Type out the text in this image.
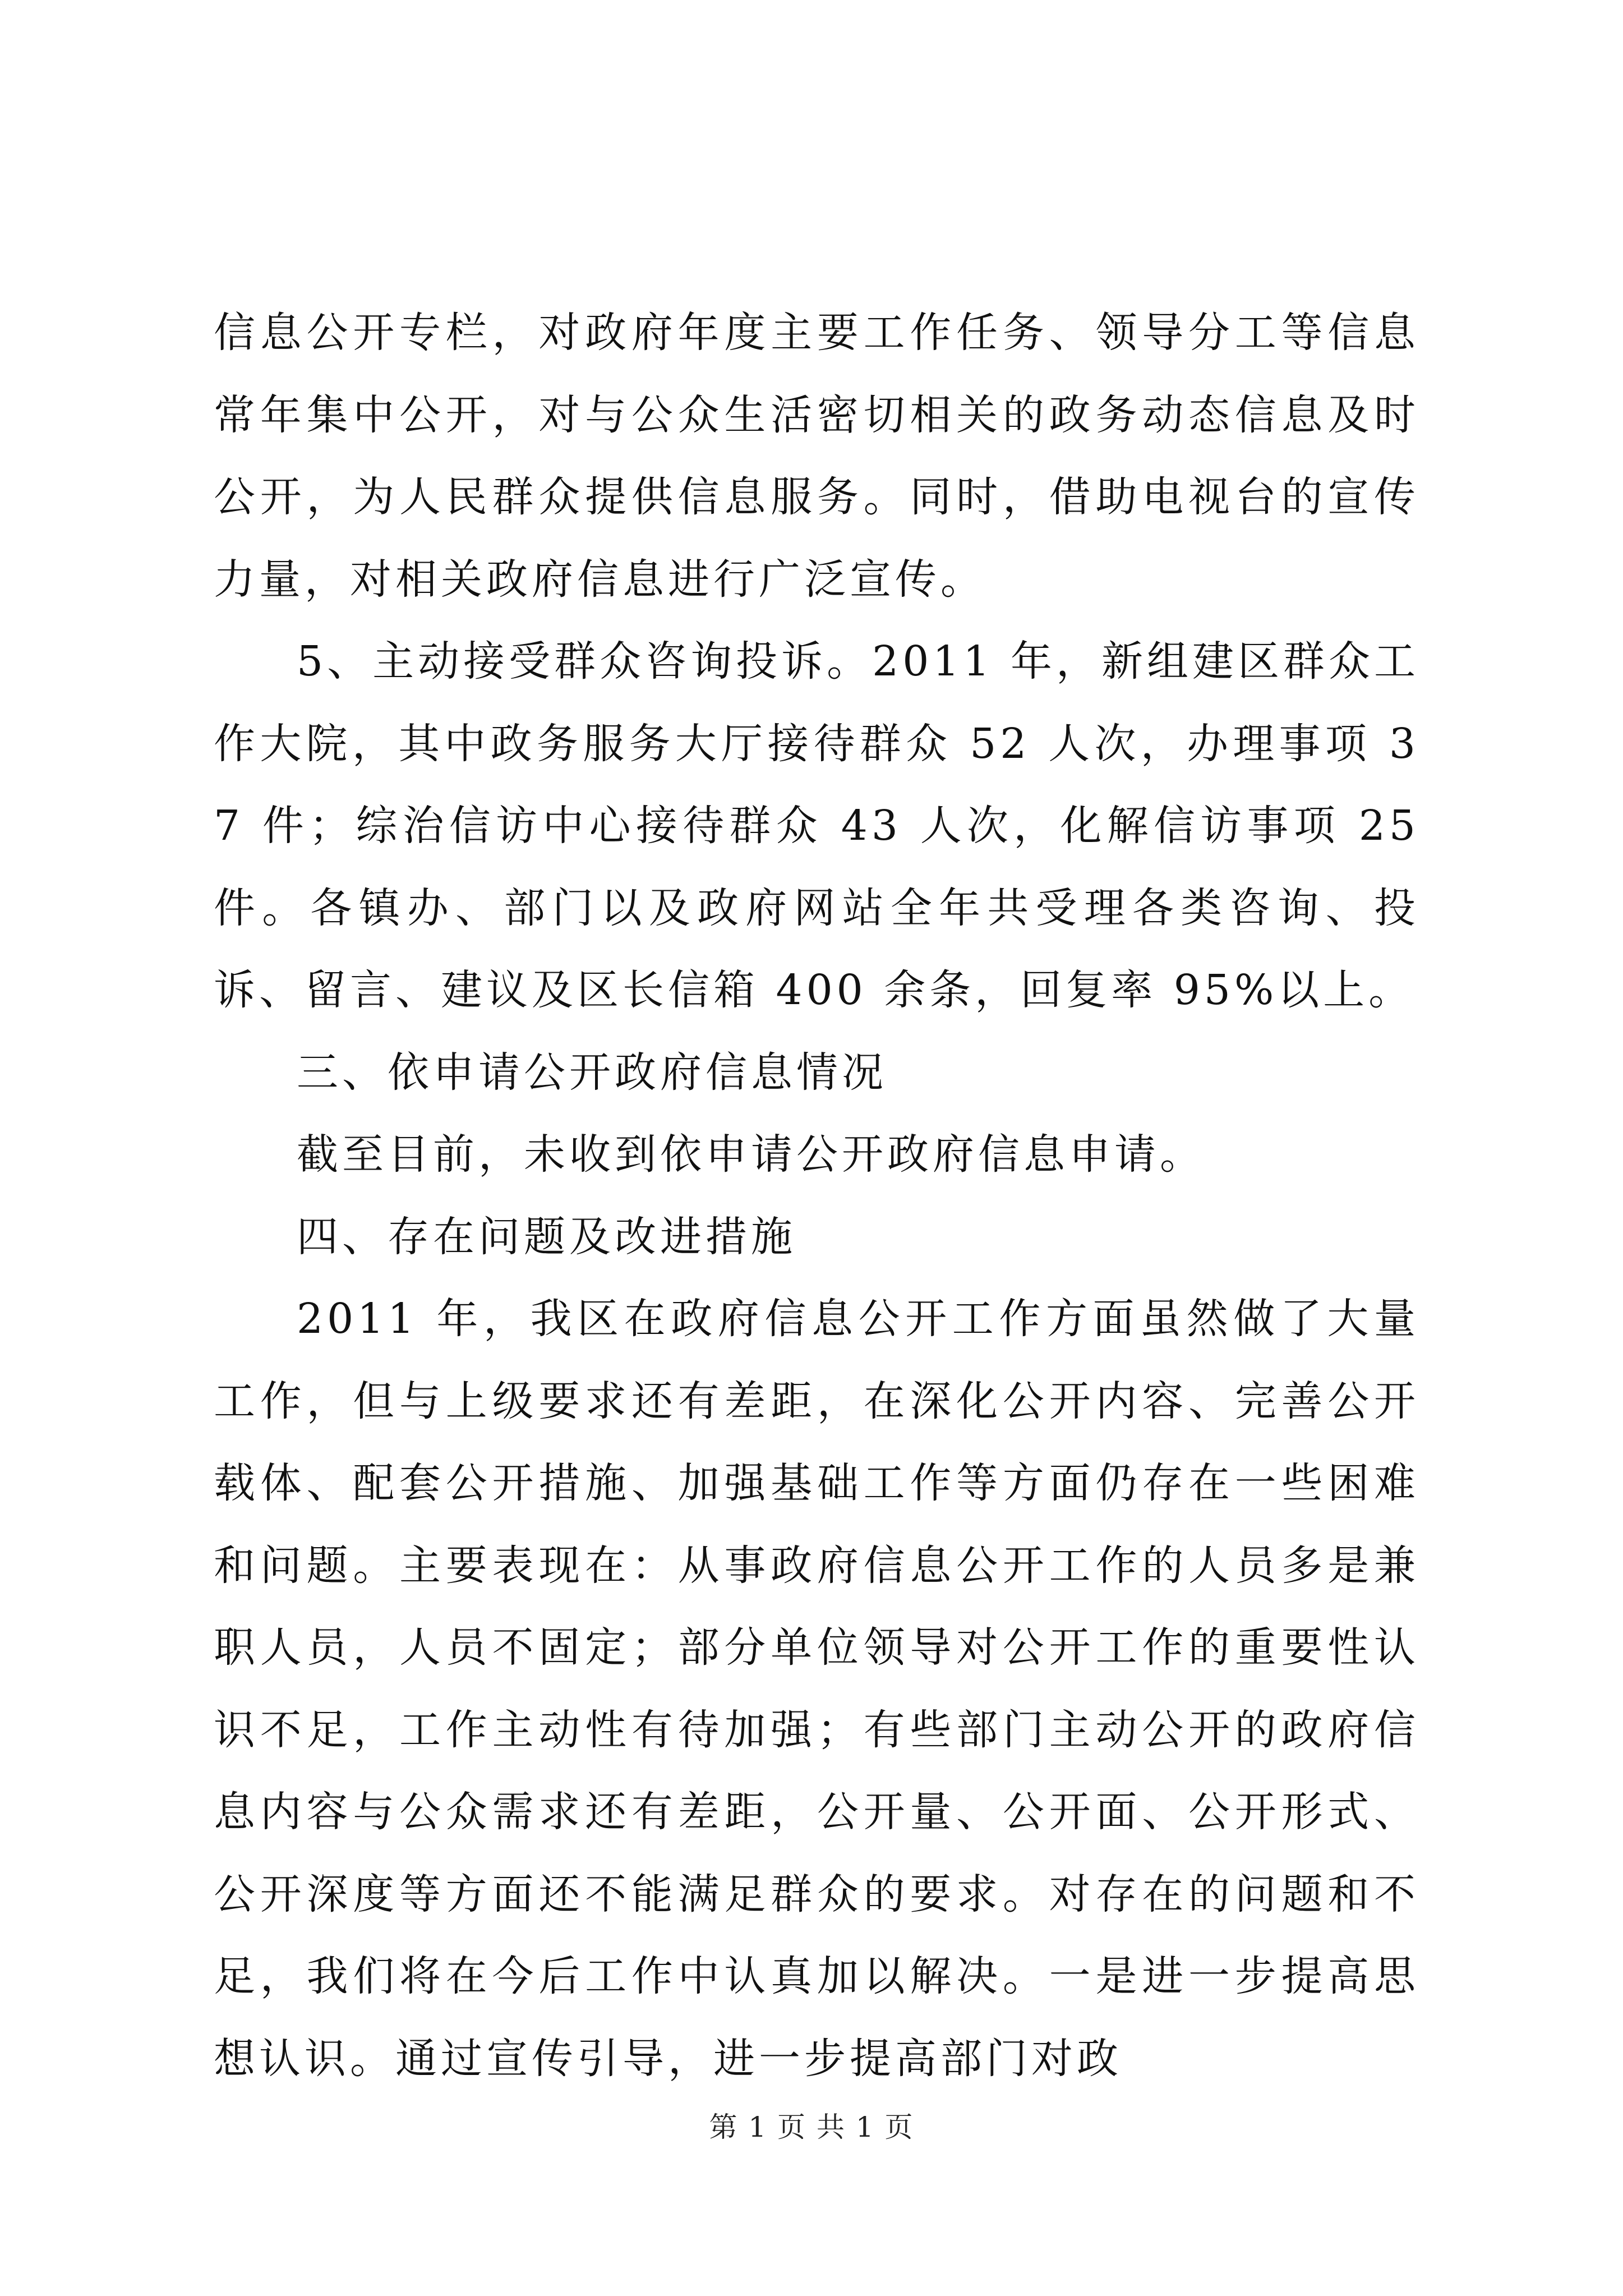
信息公开专栏，对政府年度主要工作任务、领导分工等信息常年集中公开，对与公众生活密切相关的政务动态信息及时公开，为人民群众提供信息服务。同时，借助电视台的宣传力量，对相关政府信息进行广泛宣传。

5、主动接受群众咨询投诉。2011 年，新组建区群众工作大院，其中政务服务大厅接待群众 52 人次，办理事项 37 件；综治信访中心接待群众 43 人次，化解信访事项 25 件。各镇办、部门以及政府网站全年共受理各类咨询、投诉、留言、建议及区长信箱 400 余条，回复率 95%以上。

三、依申请公开政府信息情况

截至目前，未收到依申请公开政府信息申请。

四、存在问题及改进措施

2011 年，我区在政府信息公开工作方面虽然做了大量工作，但与上级要求还有差距，在深化公开内容、完善公开载体、配套公开措施、加强基础工作等方面仍存在一些困难和问题。主要表现在：从事政府信息公开工作的人员多是兼职人员，人员不固定；部分单位领导对公开工作的重要性认识不足，工作主动性有待加强；有些部门主动公开的政府信息内容与公众需求还有差距，公开量、公开面、公开形式、公开深度等方面还不能满足群众的要求。对存在的问题和不足，我们将在今后工作中认真加以解决。一是进一步提高思想认识。通过宣传引导，进一步提高部门对政

第 1 页 共 1 页
